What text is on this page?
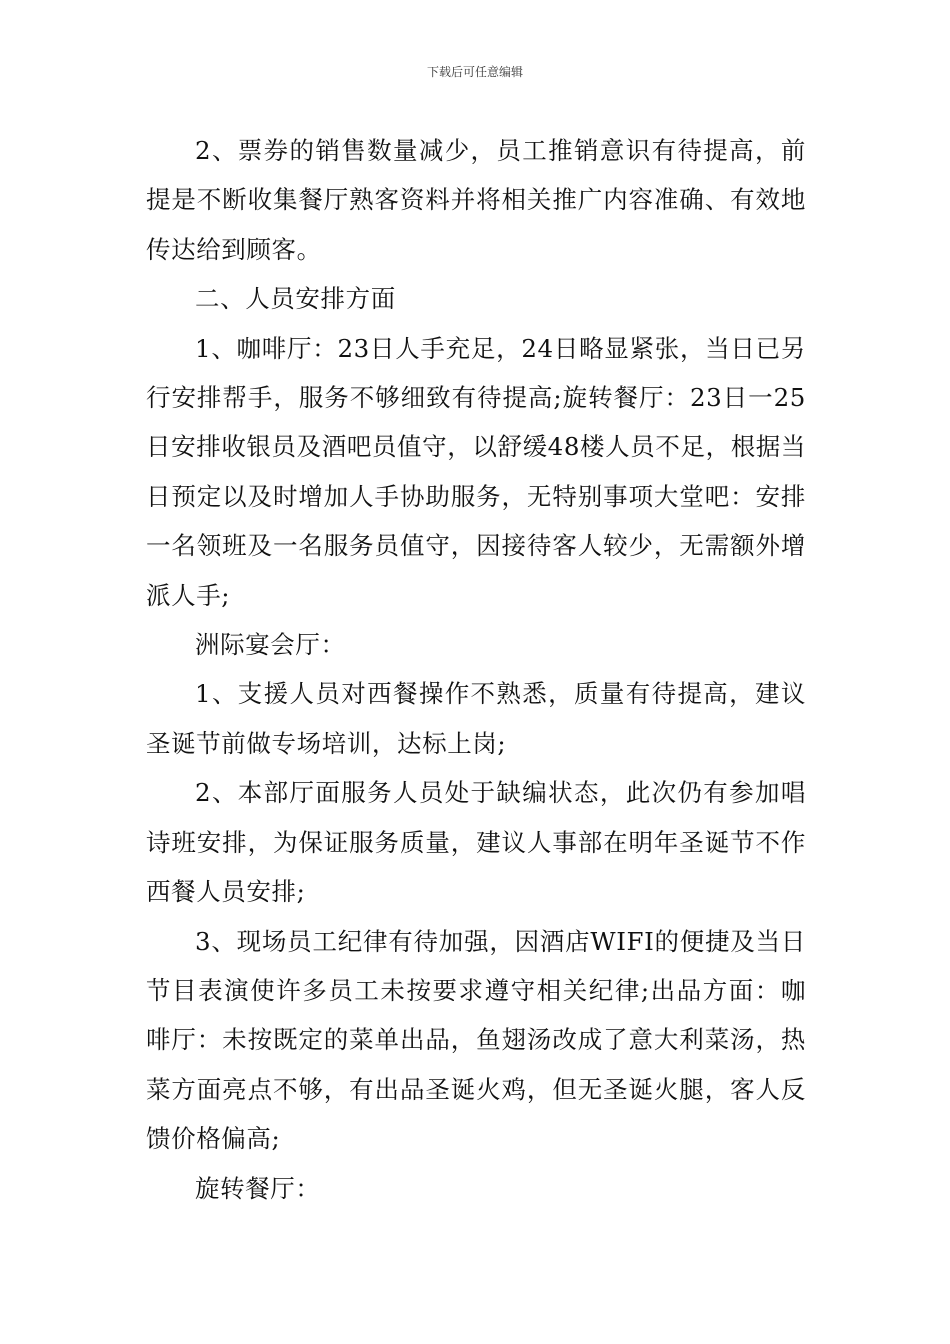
下载后可任意编辑

2、票券的销售数量减少，员工推销意识有待提高，前提是不断收集餐厅熟客资料并将相关推广内容准确、有效地传达给到顾客。

二、人员安排方面

1、咖啡厅：23日人手充足，24日略显紧张，当日已另行安排帮手，服务不够细致有待提高;旋转餐厅：23日一25日安排收银员及酒吧员值守，以舒缓48楼人员不足，根据当日预定以及时增加人手协助服务，无特别事项大堂吧：安排一名领班及一名服务员值守，因接待客人较少，无需额外增派人手;

洲际宴会厅：

1、支援人员对西餐操作不熟悉，质量有待提高，建议圣诞节前做专场培训，达标上岗;

2、本部厅面服务人员处于缺编状态，此次仍有参加唱诗班安排，为保证服务质量，建议人事部在明年圣诞节不作西餐人员安排;

3、现场员工纪律有待加强，因酒店WIFI的便捷及当日节目表演使许多员工未按要求遵守相关纪律;出品方面：咖啡厅：未按既定的菜单出品，鱼翅汤改成了意大利菜汤，热菜方面亮点不够，有出品圣诞火鸡，但无圣诞火腿，客人反馈价格偏高;

旋转餐厅：
